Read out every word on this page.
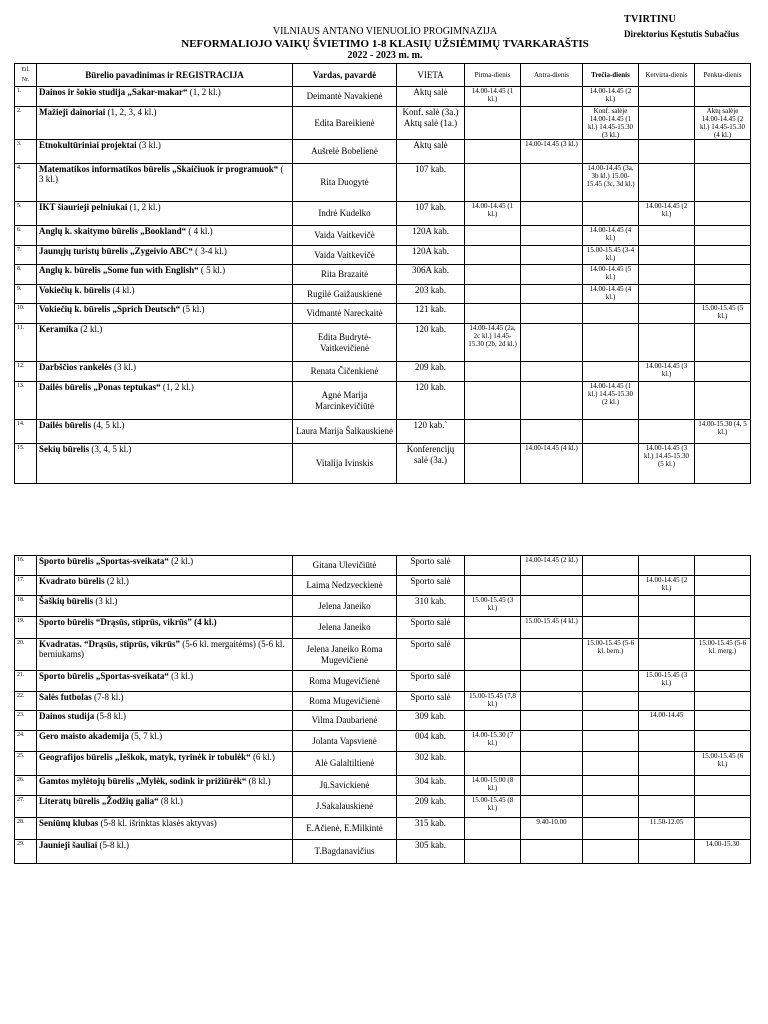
TVIRTINU
Direktorius Kęstutis Subačius
VILNIAUS ANTANO VIENUOLIO PROGIMNAZIJA
NEFORMALIOJO VAIKŲ ŠVIETIMO 1-8 KLASIŲ UŽSIĖMIMŲ TVARKARAŠTIS
2022 - 2023 m. m.
Eil. Nr.	Būrelio pavadinimas ir REGISTRACIJA	Vardas, pavardė	VIETA	Pirma-dienis	Antra-dienis	Trečia-dienis	Ketvirta-dienis	Penkta-dienis
1.	Dainos ir šokio studija „Sakar-makar“ (1, 2 kl.)	Deimantė Navakienė	Aktų salė	14.00-14.45 (1 kl.)		14.00-14.45 (2 kl.)		
2.	Mažieji dainoriai (1, 2, 3, 4 kl.)	Edita Bareikienė	Konf. salė (3a.) Aktų salė (1a.)			Konf. salėje 14.00-14.45 (1 kl.) 14.45-15.30 (3 kl.)		Aktų salėje 14.00-14.45 (2 kl.) 14.45-15.30 (4 kl.)
3.	Etnokultūriniai projektai (3 kl.)	Aušrelė Bobelienė	Aktų salė		14.00-14.45 (3 kl.)			
4.	Matematikos informatikos būrelis „Skaičiuok ir programuok“ ( 3 kl.)	Rita Duogytė	107 kab.			14.00-14.45 (3a, 3b kl.) 15.00-15.45 (3c, 3d kl.)		
5.	IKT šiaurieji pelniukai (1, 2 kl.)	Indrė Kudelko	107 kab.	14.00-14.45 (1 kl.)			14.00-14.45 (2 kl.)	
6.	Anglų k. skaitymo būrelis „Bookland“ ( 4 kl.)	Vaida Vaitkevičė	120A kab.			14.00-14.45 (4 kl.)		
7.	Jaunųjų turistų būrelis „Zygeivio ABC“ ( 3-4 kl.)	Vaida Vaitkevičė	120A kab.			15.00-15.45 (3-4 kl.)		
8.	Anglų k. būrelis „Some fun with English“ ( 5 kl.)	Rita Brazaitė	306A kab.			14.00-14.45 (5 kl.)		
9.	Vokiečių k. būrelis (4 kl.)	Rugilė Gaižauskienė	203 kab.			14.00-14.45 (4 kl.)		
10.	Vokiečių k. būrelis „Sprich Deutsch“ (5 kl.)	Vidmantė Nareckaitė	121 kab.					15.00-15.45 (5 kl.)
11.	Keramika (2 kl.)	Edita Budrytė-Vaitkevičienė	120 kab.	14.00-14.45 (2a, 2c kl.) 14.45-15.30 (2b, 2d kl.)				
12.	Darbščios rankelės (3 kl.)	Renata Čičenkienė	209 kab.				14.00-14.45 (3 kl.)	
13.	Dailės būrelis „Ponas teptukas“ (1, 2 kl.)	Agnė Marija Marcinkevičiūtė	120 kab.			14.00-14.45 (1 kl.) 14.45-15.30 (2 kl.)		
14.	Dailės būrelis (4, 5 kl.)	Laura Marija Šalkauskienė	120 kab.`					14.00-15.30 (4, 5 kl.)
15.	Sekių būrelis (3, 4, 5 kl.)	Vitalija Ivinskis	Konferencijų salė (3a.)		14.00-14.45 (4 kl.)		14.00-14.45 (3 kl.) 14.45-15.30 (5 kl.)	
16.	Sporto būrelis „Sportas-sveikata“ (2 kl.)	Gitana Ulevičiūtė	Sporto salė		14.00-14.45 (2 kl.)			
17.	Kvadrato būrelis (2 kl.)	Laima Nedzveckienė	Sporto salė				14.00-14.45 (2 kl.)	
18.	Šaškių būrelis (3 kl.)	Jelena Janeiko	310 kab.	15.00-15.45 (3 kl.)				
19.	Sporto būrelis “Drąsūs, stiprūs, vikrūs” (4 kl.)	Jelena Janeiko	Sporto salė		15.00-15.45 (4 kl.)			
20.	Kvadratas. “Drąsūs, stiprūs, vikrūs” (5-6 kl. mergaitėms) (5-6 kl. berniukams)	Jelena Janeiko Roma Mugevičienė	Sporto salė			15.00-15.45 (5-6 kl. bern.)		15.00-15.45 (5-6 kl. merg.)
21.	Sporto būrelis „Sportas-sveikata“ (3 kl.)	Roma Mugevičienė	Sporto salė				15.00-15.45 (3 kl.)	
22.	Salės futbolas (7-8 kl.)	Roma Mugevičienė	Sporto salė	15.00-15.45 (7,8 kl.)				
23.	Dainos studija (5-8 kl.)	Vilma Daubarienė	309 kab.				14.00-14.45	
24.	Gero maisto akademija (5, 7 kl.)	Jolanta Vapsvienė	004 kab.	14.00-15.30 (7 kl.)				
25.	Geografijos būrelis „Ieškok, matyk, tyrinėk ir tobulėk“ (6 kl.)	Alė Galaltiltienė	302 kab.					15.00-15.45 (6 kl.)
26.	Gamtos mylėtojų būrelis „Mylėk, sodink ir prižiūrėk“ (8 kl.)	Jū.Savickienė	304 kab.	14.00-15.00 (8 kl.)				
27.	Literatų būrelis „Žodžių galia“ (8 kl.)	J.Sakalauskienė	209 kab.	15.00-15.45 (8 kl.)				
28.	Seniūnų klubas (5-8 kl. išrinktas klasės aktyvas)	E.Ačienė, E.Milkintė	315 kab.		9.40-10.00		11.50-12.05	
29.	Jaunieji šauliai (5-8 kl.)	T.Bagdanavičius	305 kab.					14.00-15.30
